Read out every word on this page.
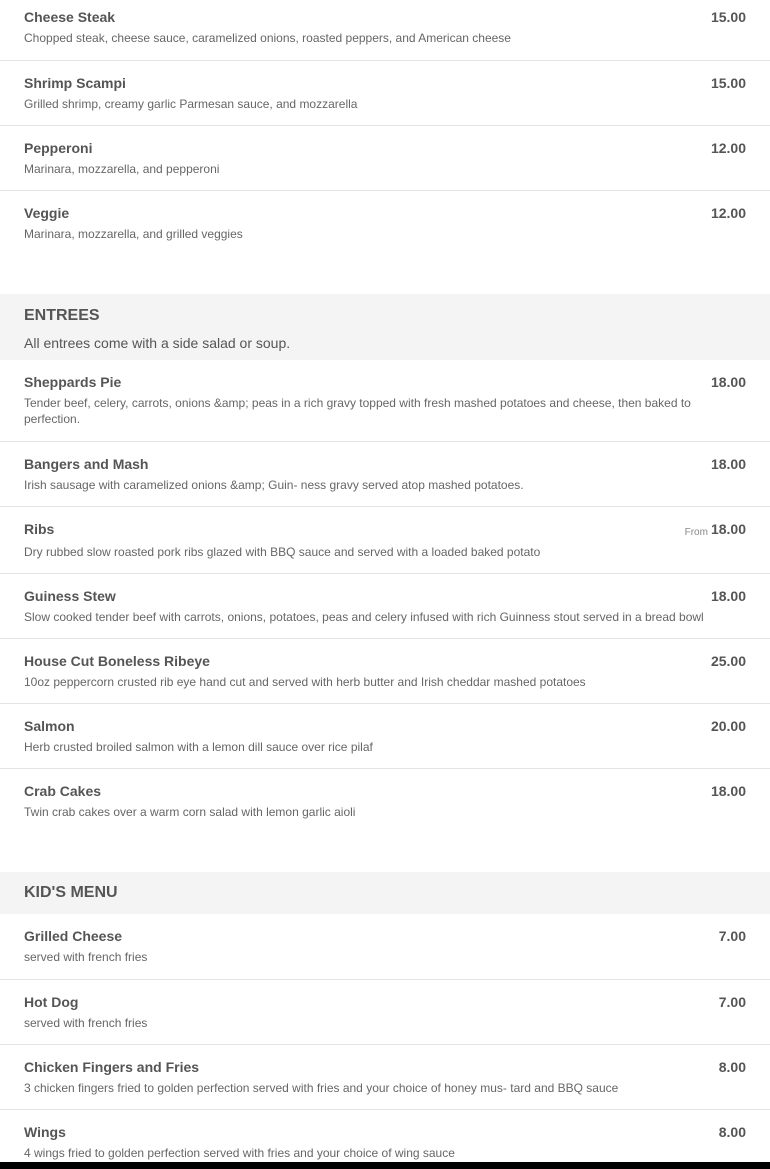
Cheese Steak
Chopped steak, cheese sauce, caramelized onions, roasted peppers, and American cheese
15.00
Shrimp Scampi
Grilled shrimp, creamy garlic Parmesan sauce, and mozzarella
15.00
Pepperoni
Marinara, mozzarella, and pepperoni
12.00
Veggie
Marinara, mozzarella, and grilled veggies
12.00
ENTREES
All entrees come with a side salad or soup.
Sheppards Pie
Tender beef, celery, carrots, onions &amp; peas in a rich gravy topped with fresh mashed potatoes and cheese, then baked to perfection.
18.00
Bangers and Mash
Irish sausage with caramelized onions &amp; Guin- ness gravy served atop mashed potatoes.
18.00
Ribs
Dry rubbed slow roasted pork ribs glazed with BBQ sauce and served with a loaded baked potato
From 18.00
Guiness Stew
Slow cooked tender beef with carrots, onions, potatoes, peas and celery infused with rich Guinness stout served in a bread bowl
18.00
House Cut Boneless Ribeye
10oz peppercorn crusted rib eye hand cut and served with herb butter and Irish cheddar mashed potatoes
25.00
Salmon
Herb crusted broiled salmon with a lemon dill sauce over rice pilaf
20.00
Crab Cakes
Twin crab cakes over a warm corn salad with lemon garlic aioli
18.00
KID'S MENU
Grilled Cheese
served with french fries
7.00
Hot Dog
served with french fries
7.00
Chicken Fingers and Fries
3 chicken fingers fried to golden perfection served with fries and your choice of honey mus- tard and BBQ sauce
8.00
Wings
4 wings fried to golden perfection served with fries and your choice of wing sauce
8.00
